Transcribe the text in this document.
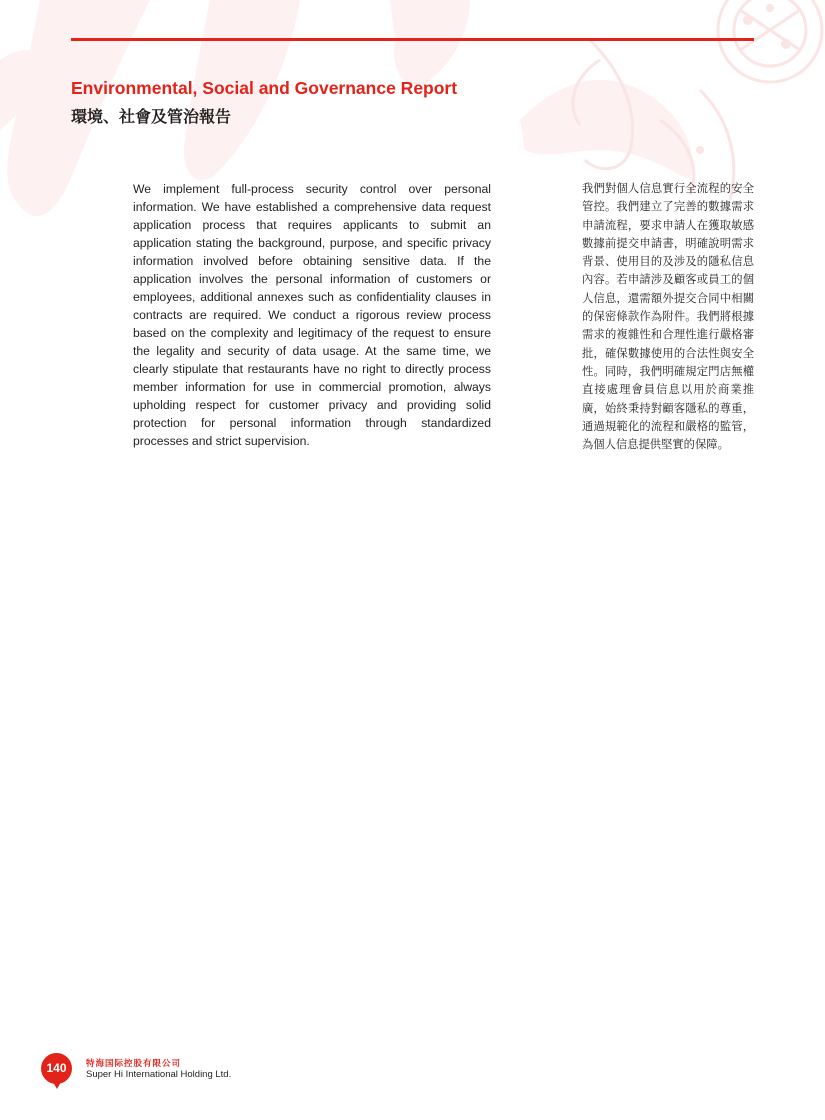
Environmental, Social and Governance Report
環境、社會及管治報告

We implement full-process security control over personal information. We have established a comprehensive data request application process that requires applicants to submit an application stating the background, purpose, and specific privacy information involved before obtaining sensitive data. If the application involves the personal information of customers or employees, additional annexes such as confidentiality clauses in contracts are required. We conduct a rigorous review process based on the complexity and legitimacy of the request to ensure the legality and security of data usage. At the same time, we clearly stipulate that restaurants have no right to directly process member information for use in commercial promotion, always upholding respect for customer privacy and providing solid protection for personal information through standardized processes and strict supervision.

我們對個人信息實行全流程的安全管控。我們建立了完善的數據需求申請流程，要求申請人在獲取敏感數據前提交申請書，明確說明需求背景、使用目的及涉及的隱私信息內容。若申請涉及顧客或員工的個人信息，還需額外提交合同中相關的保密條款作為附件。我們將根據需求的複雜性和合理性進行嚴格審批，確保數據使用的合法性與安全性。同時，我們明確規定門店無權直接處理會員信息以用於商業推廣，始終秉持對顧客隱私的尊重，通過規範化的流程和嚴格的監管，為個人信息提供堅實的保障。

140	特海国际控股有限公司

Super Hi International Holding Ltd.
